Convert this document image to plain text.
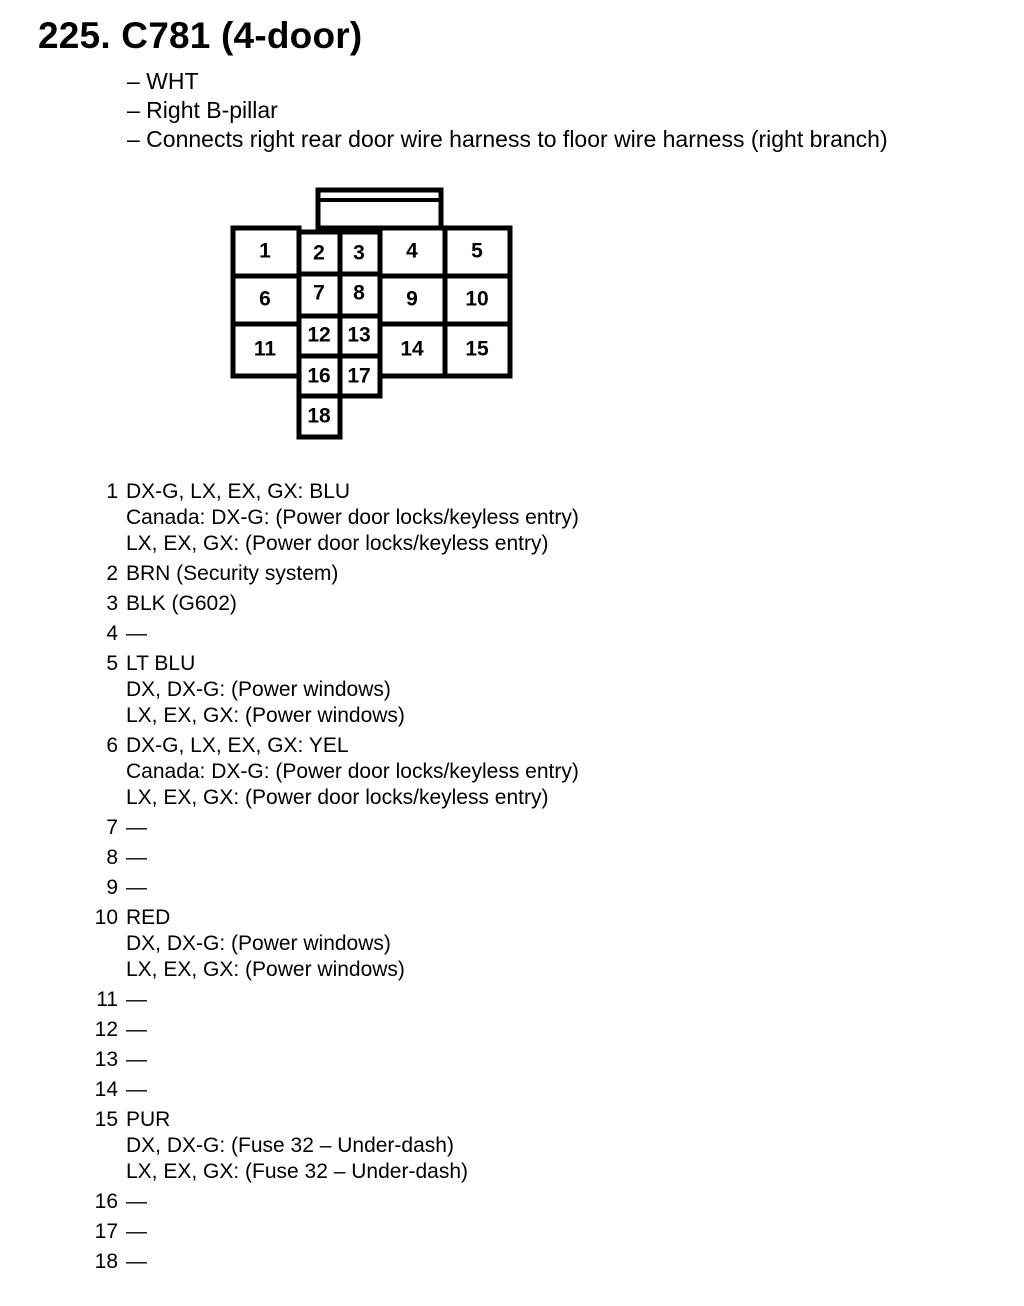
225. C781 (4-door)
– WHT
– Right B-pillar
– Connects right rear door wire harness to floor wire harness (right branch)
1 2 3 4	5
6 7 8 9 10
11
12 13
14 15
16 17
18
1 DX-G, LX, EX, GX: BLU
Canada: DX-G: (Power door locks/keyless entry)
LX, EX, GX: (Power door locks/keyless entry)
2 BRN (Security system)
3 BLK (G602)
4 —
5 LT BLU
DX, DX-G: (Power windows)
LX, EX, GX: (Power windows)
6 DX-G, LX, EX, GX: YEL
Canada: DX-G: (Power door locks/keyless entry)
LX, EX, GX: (Power door locks/keyless entry)
7 —
8 —
9 —
10 RED
DX, DX-G: (Power windows)
LX, EX, GX: (Power windows)
11 —
12 —
13 —
14 —
15 PUR
DX, DX-G: (Fuse 32 – Under-dash)
LX, EX, GX: (Fuse 32 – Under-dash)
16 —
17 —
18 —
